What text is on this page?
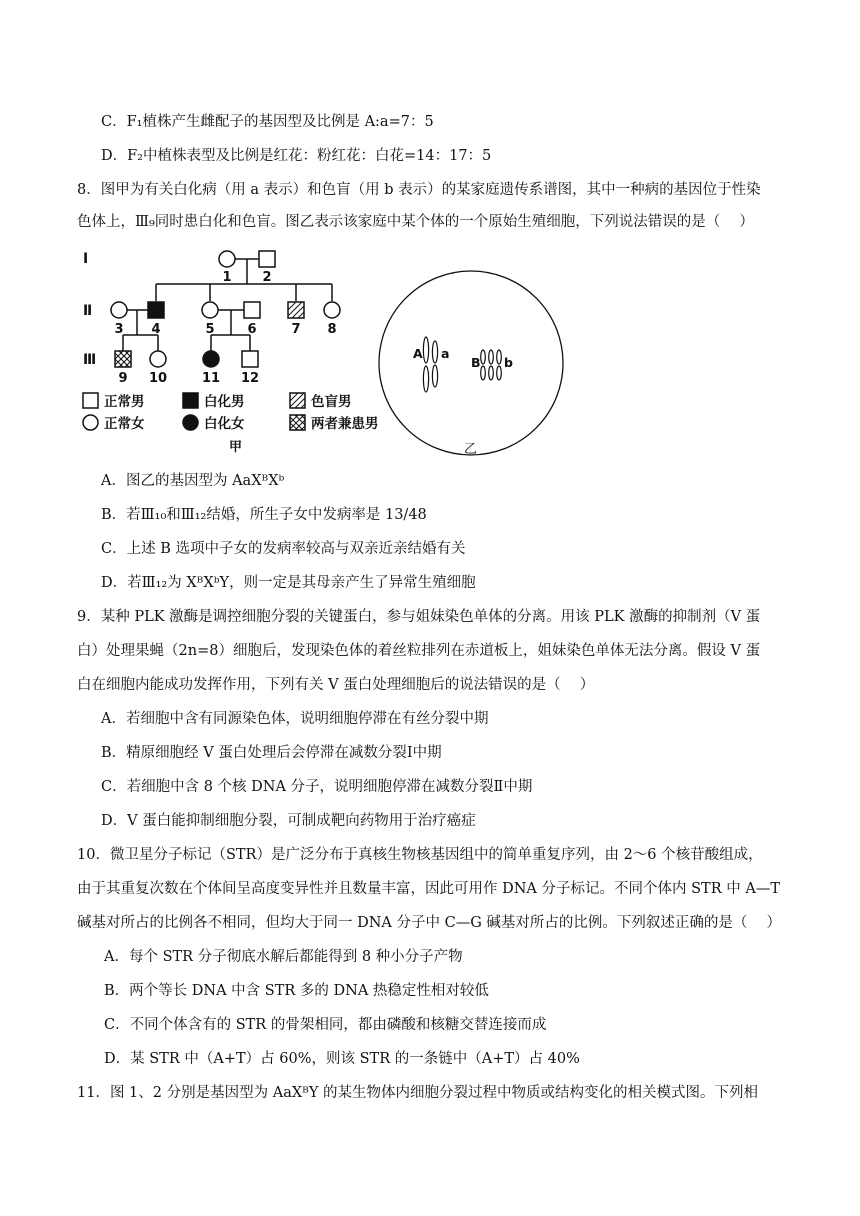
C．F₁植株产生雌配子的基因型及比例是 A:a=7：5
D．F₂中植株表型及比例是红花：粉红花：白花=14：17：5
8．图甲为有关白化病（用 a 表示）和色盲（用 b 表示）的某家庭遗传系谱图，其中一种病的基因位于性染
色体上，Ⅲ₉同时患白化和色盲。图乙表示该家庭中某个体的一个原始生殖细胞，下列说法错误的是（　 ）
Ⅰ
Ⅱ
Ⅲ
1 2
3 4	5	6	7 8
9 10	11 12
正常男	白化男	色盲男
正常女	白化女	两者兼患男
甲
A a
B b
乙
A．图乙的基因型为 AaXᴮXᵇ
B．若Ⅲ₁₀和Ⅲ₁₂结婚，所生子女中发病率是 13/48
C．上述 B 选项中子女的发病率较高与双亲近亲结婚有关
D．若Ⅲ₁₂为 XᴮXᵇY，则一定是其母亲产生了异常生殖细胞
9．某种 PLK 激酶是调控细胞分裂的关键蛋白，参与姐妹染色单体的分离。用该 PLK 激酶的抑制剂（V 蛋
白）处理果蝇（2n=8）细胞后，发现染色体的着丝粒排列在赤道板上，姐妹染色单体无法分离。假设 V 蛋
白在细胞内能成功发挥作用，下列有关 V 蛋白处理细胞后的说法错误的是（　 ）
A．若细胞中含有同源染色体，说明细胞停滞在有丝分裂中期
B．精原细胞经 V 蛋白处理后会停滞在减数分裂Ⅰ中期
C．若细胞中含 8 个核 DNA 分子，说明细胞停滞在减数分裂Ⅱ中期
D．V 蛋白能抑制细胞分裂，可制成靶向药物用于治疗癌症
10．微卫星分子标记（STR）是广泛分布于真核生物核基因组中的简单重复序列，由 2～6 个核苷酸组成，
由于其重复次数在个体间呈高度变异性并且数量丰富，因此可用作 DNA 分子标记。不同个体内 STR 中 A—T
碱基对所占的比例各不相同，但均大于同一 DNA 分子中 C—G 碱基对所占的比例。下列叙述正确的是（　 ）
A．每个 STR 分子彻底水解后都能得到 8 种小分子产物
B．两个等长 DNA 中含 STR 多的 DNA 热稳定性相对较低
C．不同个体含有的 STR 的骨架相同，都由磷酸和核糖交替连接而成
D．某 STR 中（A+T）占 60%，则该 STR 的一条链中（A+T）占 40%
11．图 1、2 分别是基因型为 AaXᴮY 的某生物体内细胞分裂过程中物质或结构变化的相关模式图。下列相
